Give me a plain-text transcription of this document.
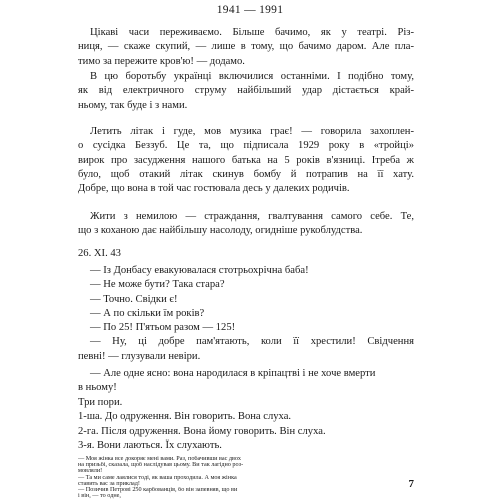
1941 — 1991
Цікаві часи переживаємо. Більше бачимо, як у театрі. Різ-
ниця, — скаже скупий, — лише в тому, що бачимо даром. Але пла-
тимо за пережите кров'ю! — додамо.
В цю боротьбу українці включилися останніми. І подібно тому,
як від електричного струму найбільший удар дістається край-
ньому, так буде і з нами.
Летить літак і гуде, мов музика грає! — говорила захоплен-
о сусідка Беззуб. Це та, що підписала 1929 року в «тройці»
вирок про засудження нашого батька на 5 років в'язниці. Ітреба ж
було, щоб отакий літак скинув бомбу й потрапив на її хату.
Добре, що вона в той час гостювала десь у далеких родичів.
Жити з немилою — страждання, гвалтування самого себе. Те,
що з коханою дає найбільшу насолоду, огидніше рукоблудства.
26. XI. 43
— Із Донбасу евакуювалася стотрьохрічна баба!
— Не може бути? Така стара?
— Точно. Свідки є!
— А по скільки їм років?
— По 25! П'ятьом разом — 125!
— Ну, ці добре пам'ятають, коли її хрестили! Свідчення
певні! — глузували невіри.
— Але одне ясно: вона народилася в кріпацтві і не хоче вмерти
в ньому!
Три пори.
1-ша. До одруження. Він говорить. Вона слуха.
2-га. Після одруження. Вона йому говорить. Він слуха.
3-я. Вони лаються. Їх слухають.
— Моя жінка все докоряє мені вами. Раз, побачивши вас двох
на призьбі, сказала, щоб наслідував цьому. Ви так лагідно роз-
мовляли!
— Та ми саме лаялися тоді, як ваша проходила. А моя жінка
ставить вас за приклад!
— Позичив Петрові 250 карбованців, бо він запевняв, що ви
і він, — то одне,
7
